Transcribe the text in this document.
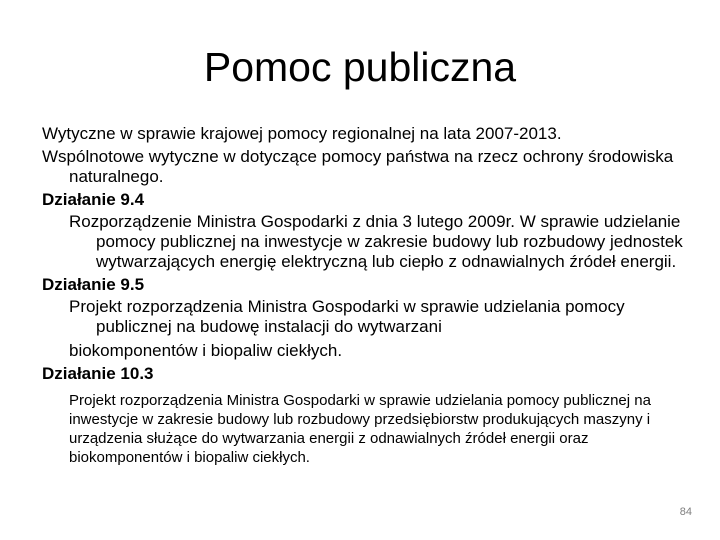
Pomoc publiczna

Wytyczne w sprawie krajowej pomocy regionalnej na lata 2007-2013.

Wspólnotowe wytyczne w dotyczące pomocy państwa na rzecz ochrony środowiska naturalnego.

Działanie 9.4

Rozporządzenie Ministra Gospodarki z dnia 3 lutego 2009r. W sprawie udzielanie pomocy publicznej na inwestycje w zakresie budowy lub rozbudowy jednostek wytwarzających energię elektryczną lub ciepło z odnawialnych źródeł energii.

Działanie 9.5

Projekt rozporządzenia Ministra Gospodarki w sprawie udzielania pomocy publicznej na budowę instalacji do wytwarzani
biokomponentów i biopaliw ciekłych.

Działanie 10.3

Projekt rozporządzenia Ministra Gospodarki w sprawie udzielania pomocy publicznej na inwestycje w zakresie budowy lub rozbudowy przedsiębiorstw produkujących maszyny i urządzenia służące do wytwarzania energii z odnawialnych źródeł energii oraz biokomponentów i biopaliw ciekłych.

84
